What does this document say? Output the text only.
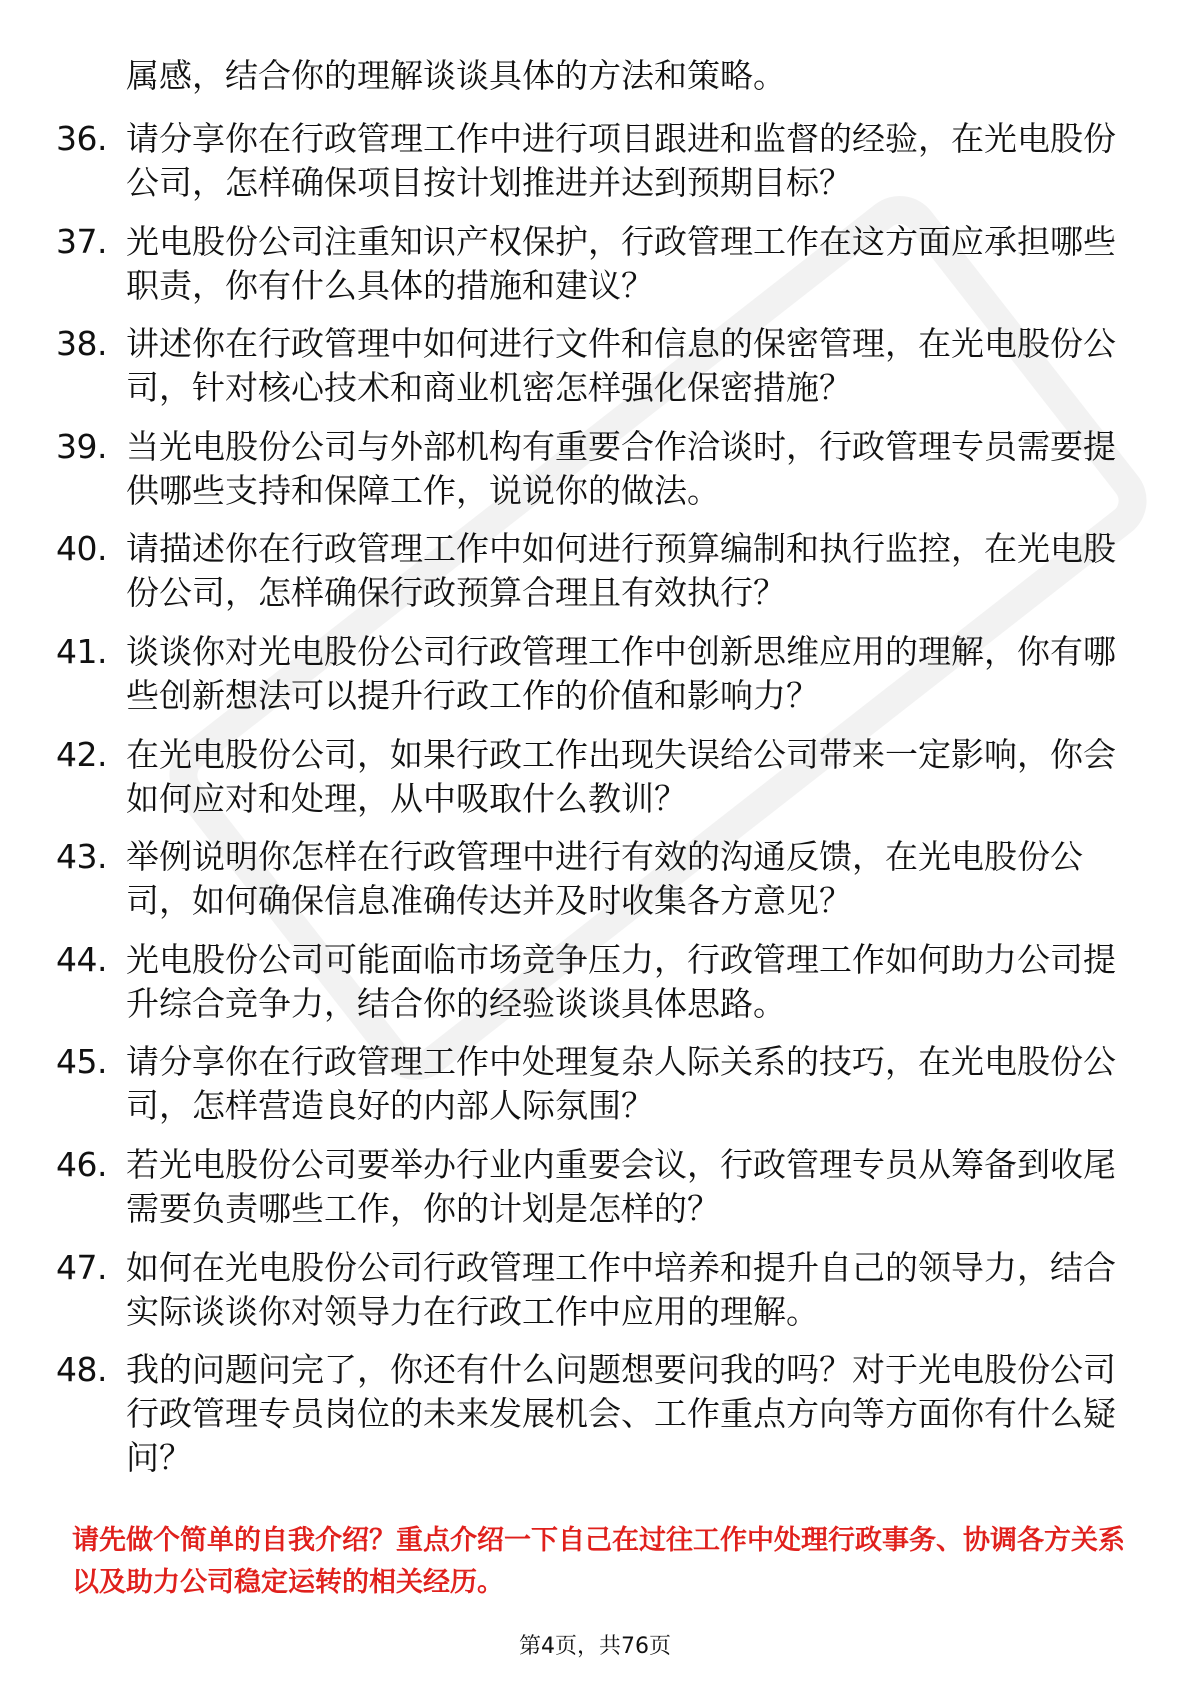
属感，结合你的理解谈谈具体的方法和策略。

36. 请分享你在行政管理工作中进行项目跟进和监督的经验，在光电股份公司，怎样确保项目按计划推进并达到预期目标？
37. 光电股份公司注重知识产权保护，行政管理工作在这方面应承担哪些职责，你有什么具体的措施和建议？
38. 讲述你在行政管理中如何进行文件和信息的保密管理，在光电股份公司，针对核心技术和商业机密怎样强化保密措施？
39. 当光电股份公司与外部机构有重要合作洽谈时，行政管理专员需要提供哪些支持和保障工作，说说你的做法。
40. 请描述你在行政管理工作中如何进行预算编制和执行监控，在光电股份公司，怎样确保行政预算合理且有效执行？
41. 谈谈你对光电股份公司行政管理工作中创新思维应用的理解，你有哪些创新想法可以提升行政工作的价值和影响力？
42. 在光电股份公司，如果行政工作出现失误给公司带来一定影响，你会如何应对和处理，从中吸取什么教训？
43. 举例说明你怎样在行政管理中进行有效的沟通反馈，在光电股份公司，如何确保信息准确传达并及时收集各方意见？
44. 光电股份公司可能面临市场竞争压力，行政管理工作如何助力公司提升综合竞争力，结合你的经验谈谈具体思路。
45. 请分享你在行政管理工作中处理复杂人际关系的技巧，在光电股份公司，怎样营造良好的内部人际氛围？
46. 若光电股份公司要举办行业内重要会议，行政管理专员从筹备到收尾需要负责哪些工作，你的计划是怎样的？
47. 如何在光电股份公司行政管理工作中培养和提升自己的领导力，结合实际谈谈你对领导力在行政工作中应用的理解。
48. 我的问题问完了，你还有什么问题想要问我的吗？对于光电股份公司行政管理专员岗位的未来发展机会、工作重点方向等方面你有什么疑问？

请先做个简单的自我介绍？重点介绍一下自己在过往工作中处理行政事务、协调各方关系以及助力公司稳定运转的相关经历。

第4页，共76页
